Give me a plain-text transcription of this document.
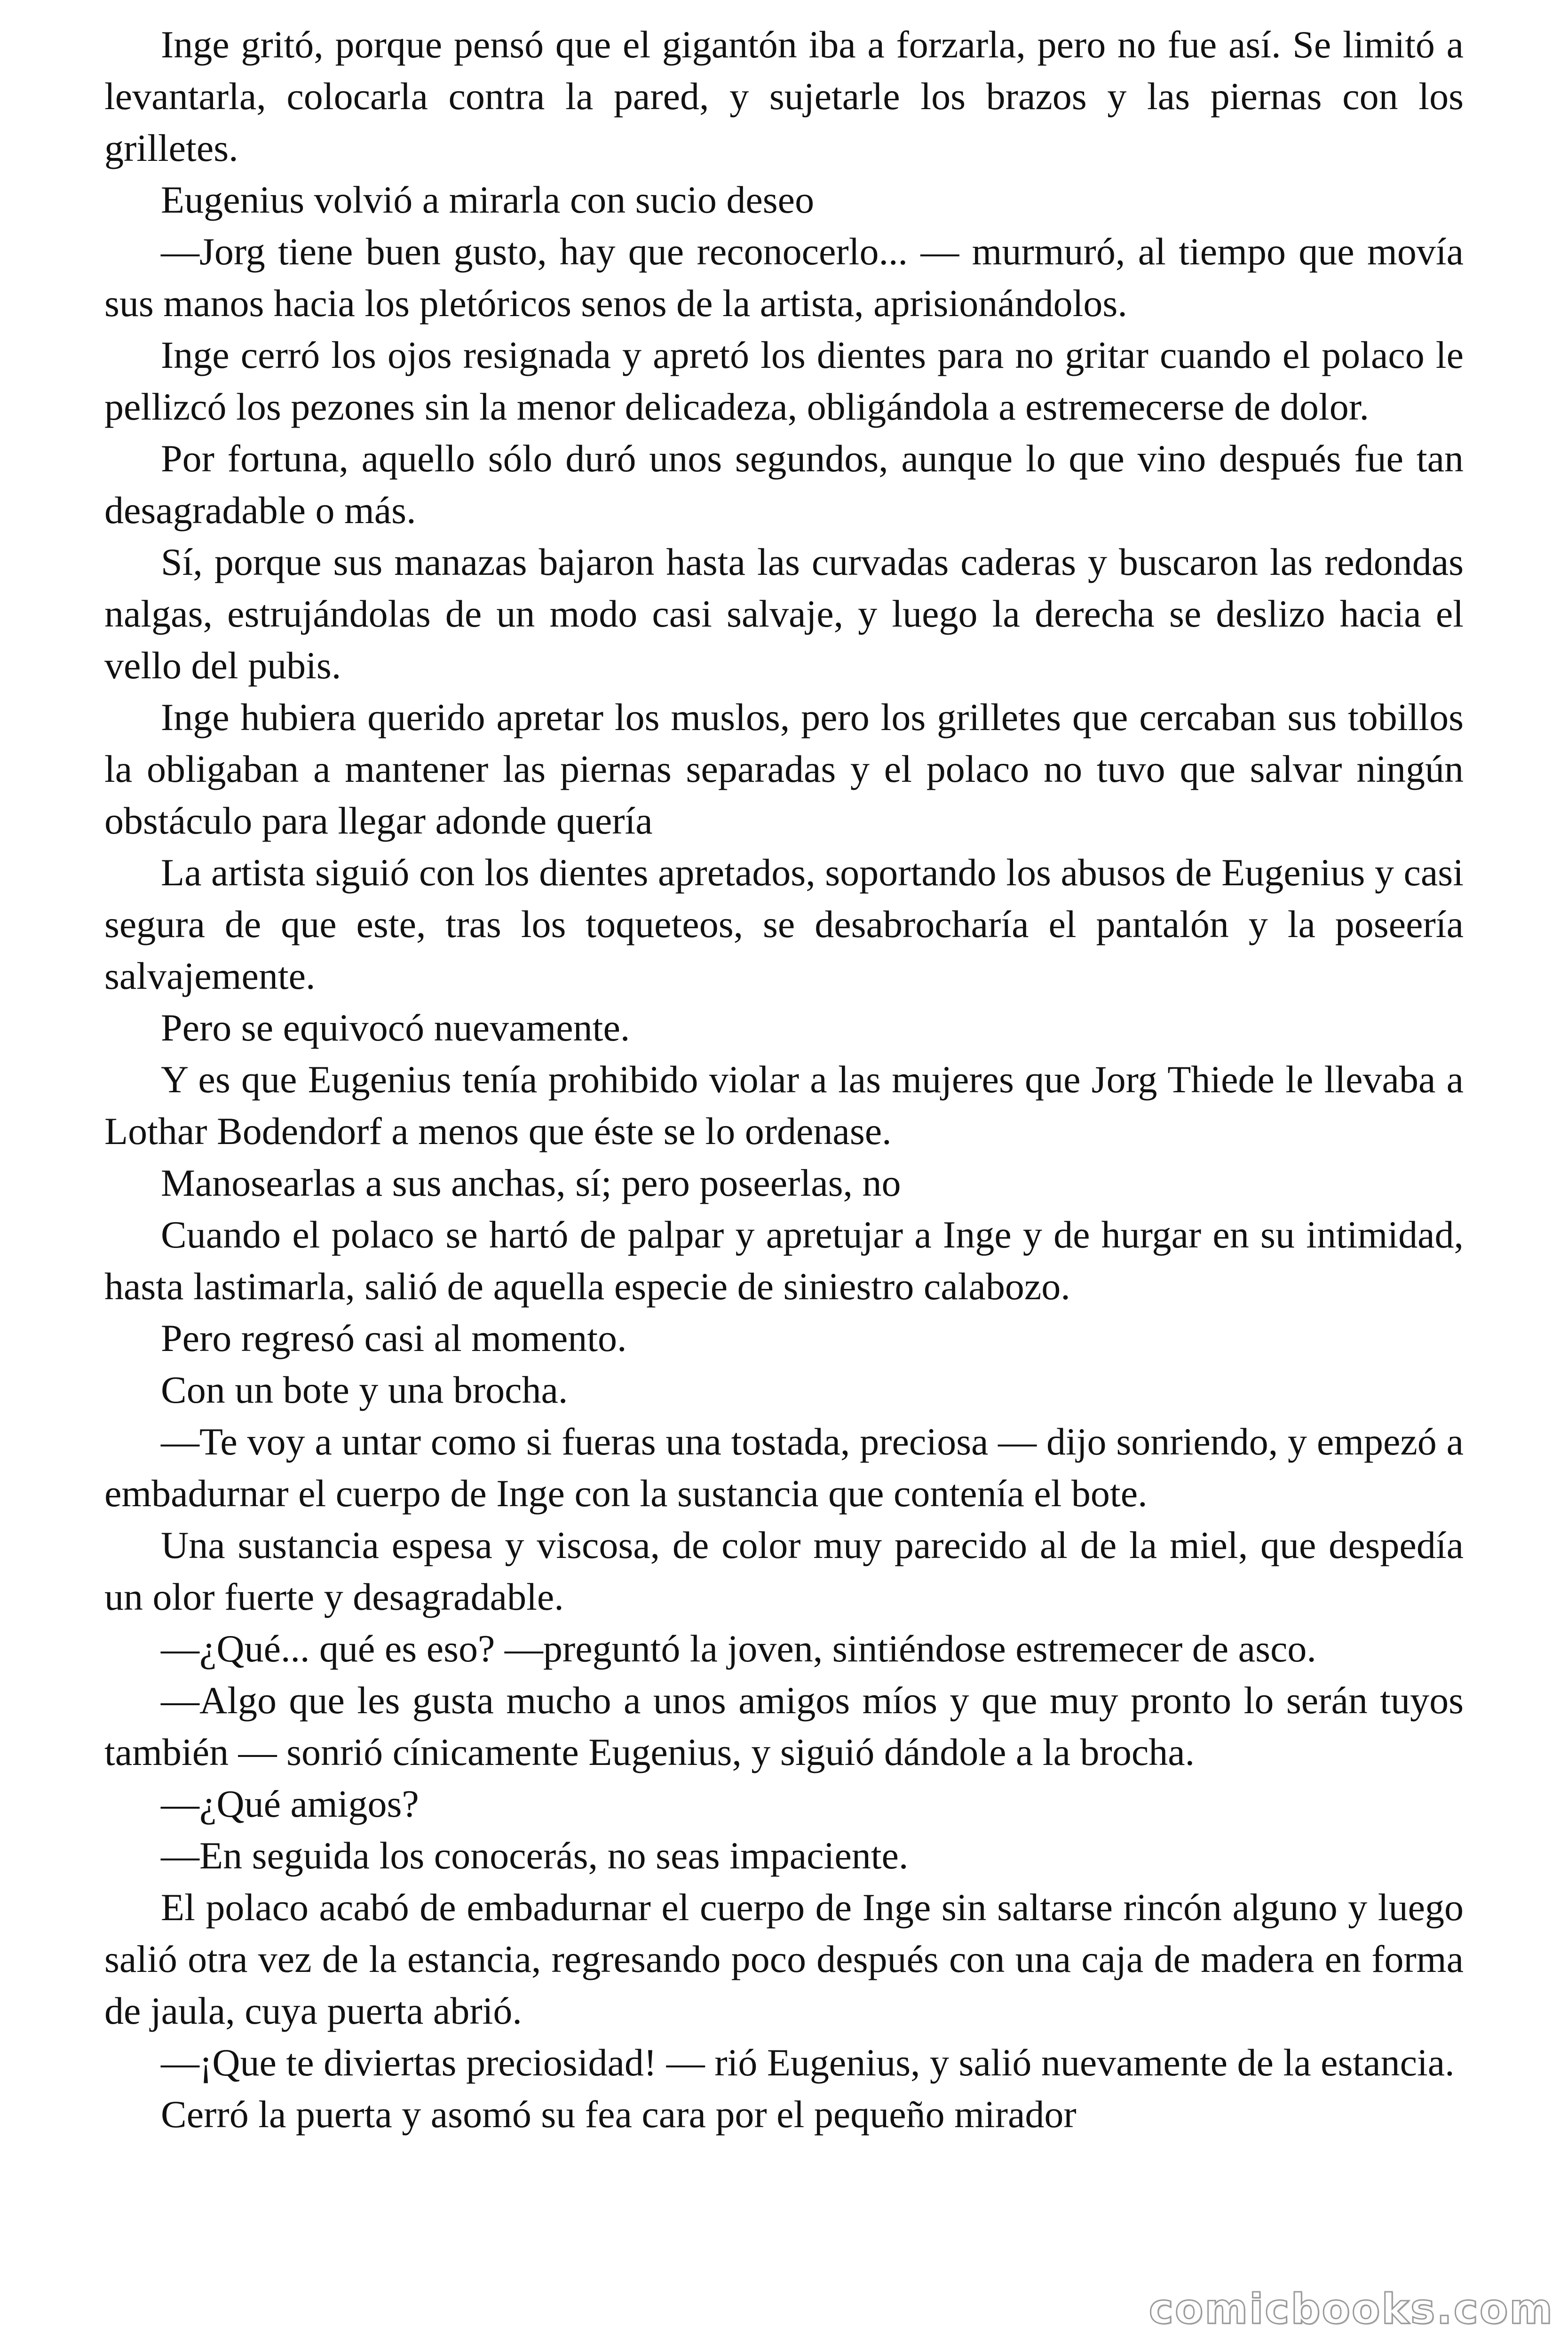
Inge gritó, porque pensó que el gigantón iba a forzarla, pero no fue así. Se limitó a levantarla, colocarla contra la pared, y sujetarle los brazos y las piernas con los grilletes.

Eugenius volvió a mirarla con sucio deseo

—Jorg tiene buen gusto, hay que reconocerlo... — murmuró, al tiempo que movía sus manos hacia los pletóricos senos de la artista, aprisionándolos.

Inge cerró los ojos resignada y apretó los dientes para no gritar cuando el polaco le pellizcó los pezones sin la menor delicadeza, obligándola a estremecerse de dolor.

Por fortuna, aquello sólo duró unos segundos, aunque lo que vino después fue tan desagradable o más.

Sí, porque sus manazas bajaron hasta las curvadas caderas y buscaron las redondas nalgas, estrujándolas de un modo casi salvaje, y luego la derecha se deslizo hacia el vello del pubis.

Inge hubiera querido apretar los muslos, pero los grilletes que cercaban sus tobillos la obligaban a mantener las piernas separadas y el polaco no tuvo que salvar ningún obstáculo para llegar adonde quería

La artista siguió con los dientes apretados, soportando los abusos de Eugenius y casi segura de que este, tras los toqueteos, se desabrocharía el pantalón y la poseería salvajemente.

Pero se equivocó nuevamente.

Y es que Eugenius tenía prohibido violar a las mujeres que Jorg Thiede le llevaba a Lothar Bodendorf a menos que éste se lo ordenase.

Manosearlas a sus anchas, sí; pero poseerlas, no

Cuando el polaco se hartó de palpar y apretujar a Inge y de hurgar en su intimidad, hasta lastimarla, salió de aquella especie de siniestro calabozo.

Pero regresó casi al momento.

Con un bote y una brocha.

—Te voy a untar como si fueras una tostada, preciosa — dijo sonriendo, y empezó a embadurnar el cuerpo de Inge con la sustancia que contenía el bote.

Una sustancia espesa y viscosa, de color muy parecido al de la miel, que despedía un olor fuerte y desagradable.

—¿Qué... qué es eso? —preguntó la joven, sintiéndose estremecer de asco.

—Algo que les gusta mucho a unos amigos míos y que muy pronto lo serán tuyos también — sonrió cínicamente Eugenius, y siguió dándole a la brocha.

—¿Qué amigos?

—En seguida los conocerás, no seas impaciente.

El polaco acabó de embadurnar el cuerpo de Inge sin saltarse rincón alguno y luego salió otra vez de la estancia, regresando poco después con una caja de madera en forma de jaula, cuya puerta abrió.

—¡Que te diviertas preciosidad! — rió Eugenius, y salió nuevamente de la estancia.

Cerró la puerta y asomó su fea cara por el pequeño mirador

comicbooks.com
